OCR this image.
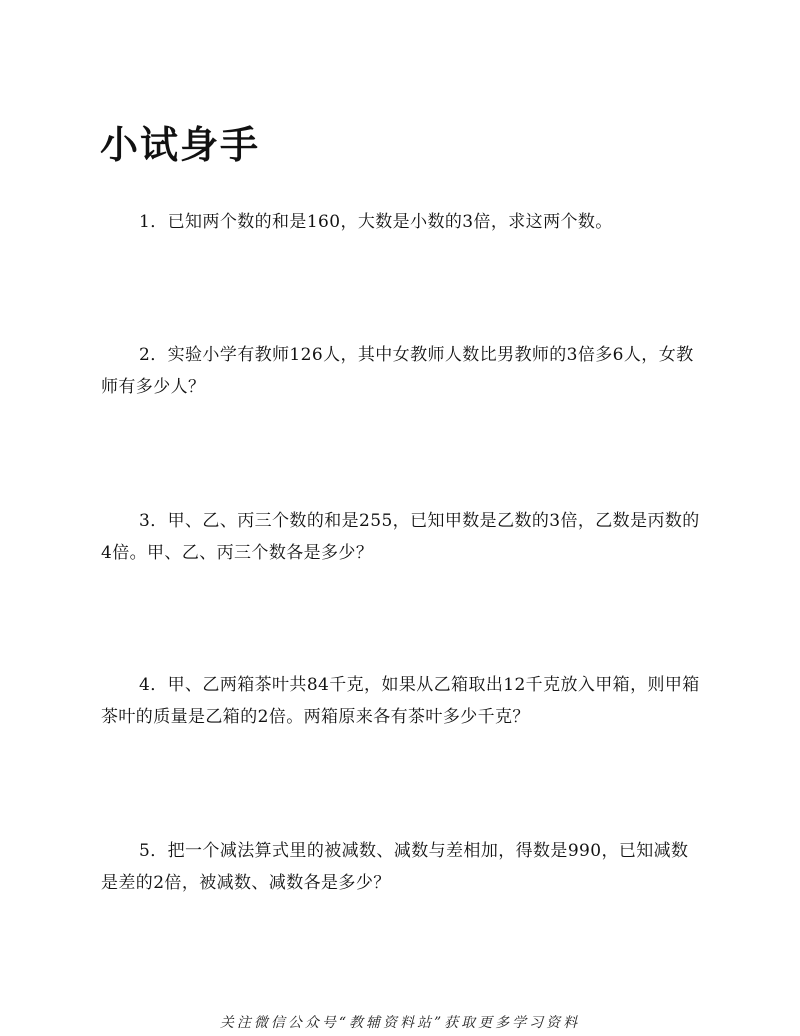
小试身手

1．已知两个数的和是160，大数是小数的3倍，求这两个数。

2．实验小学有教师126人，其中女教师人数比男教师的3倍多6人，女教师有多少人？

3．甲、乙、丙三个数的和是255，已知甲数是乙数的3倍，乙数是丙数的4倍。甲、乙、丙三个数各是多少？

4．甲、乙两箱茶叶共84千克，如果从乙箱取出12千克放入甲箱，则甲箱茶叶的质量是乙箱的2倍。两箱原来各有茶叶多少千克？

5．把一个减法算式里的被减数、减数与差相加，得数是990，已知减数是差的2倍，被减数、减数各是多少？

关注微信公众号“教辅资料站”获取更多学习资料
